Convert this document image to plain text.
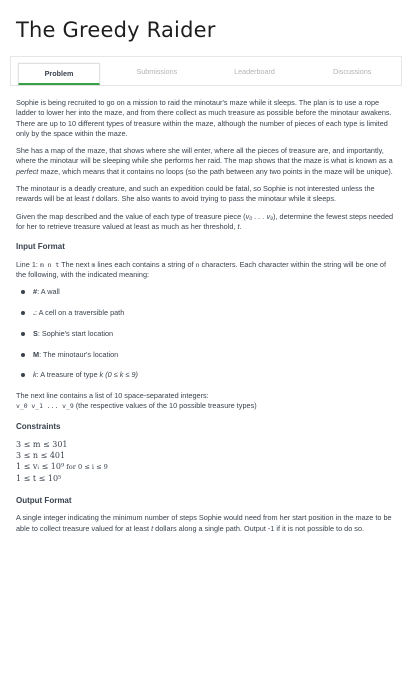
The Greedy Raider
Problem	Submissions	Leaderboard	Discussions

Sophie is being recruited to go on a mission to raid the minotaur's maze while it sleeps. The plan is to use a rope ladder to lower her into the maze, and from there collect as much treasure as possible before the minotaur awakens. There are up to 10 different types of treasure within the maze, although the number of pieces of each type is limited only by the space within the maze.

She has a map of the maze, that shows where she will enter, where all the pieces of treasure are, and importantly, where the minotaur will be sleeping while she performs her raid. The map shows that the maze is what is known as a perfect maze, which means that it contains no loops (so the path between any two points in the maze will be unique).

The minotaur is a deadly creature, and such an expedition could be fatal, so Sophie is not interested unless the rewards will be at least t dollars. She also wants to avoid trying to pass the minotaur while it sleeps.

Given the map described and the value of each type of treasure piece (v₀ . . . v₉), determine the fewest steps needed for her to retrieve treasure valued at least as much as her threshold, t.

Input Format

Line 1: m n t The next m lines each contains a string of n characters. Each character within the string will be one of the following, with the indicated meaning:

#: A wall
.: A cell on a traversible path
S: Sophie's start location
M: The minotaur's location
k: A treasure of type k (0 ≤ k ≤ 9)

The next line contains a list of 10 space-separated integers:
v_0 v_1 ... v_9 (the respective values of the 10 possible treasure types)

Constraints
3 ≤ m ≤ 301
3 ≤ n ≤ 401
1 ≤ vᵢ ≤ 10⁹ for 0 ≤ i ≤ 9
1 ≤ t ≤ 10⁵
Output Format

A single integer indicating the minimum number of steps Sophie would need from her start position in the maze to be able to collect treasure valued for at least t dollars along a single path. Output -1 if it is not possible to do so.
